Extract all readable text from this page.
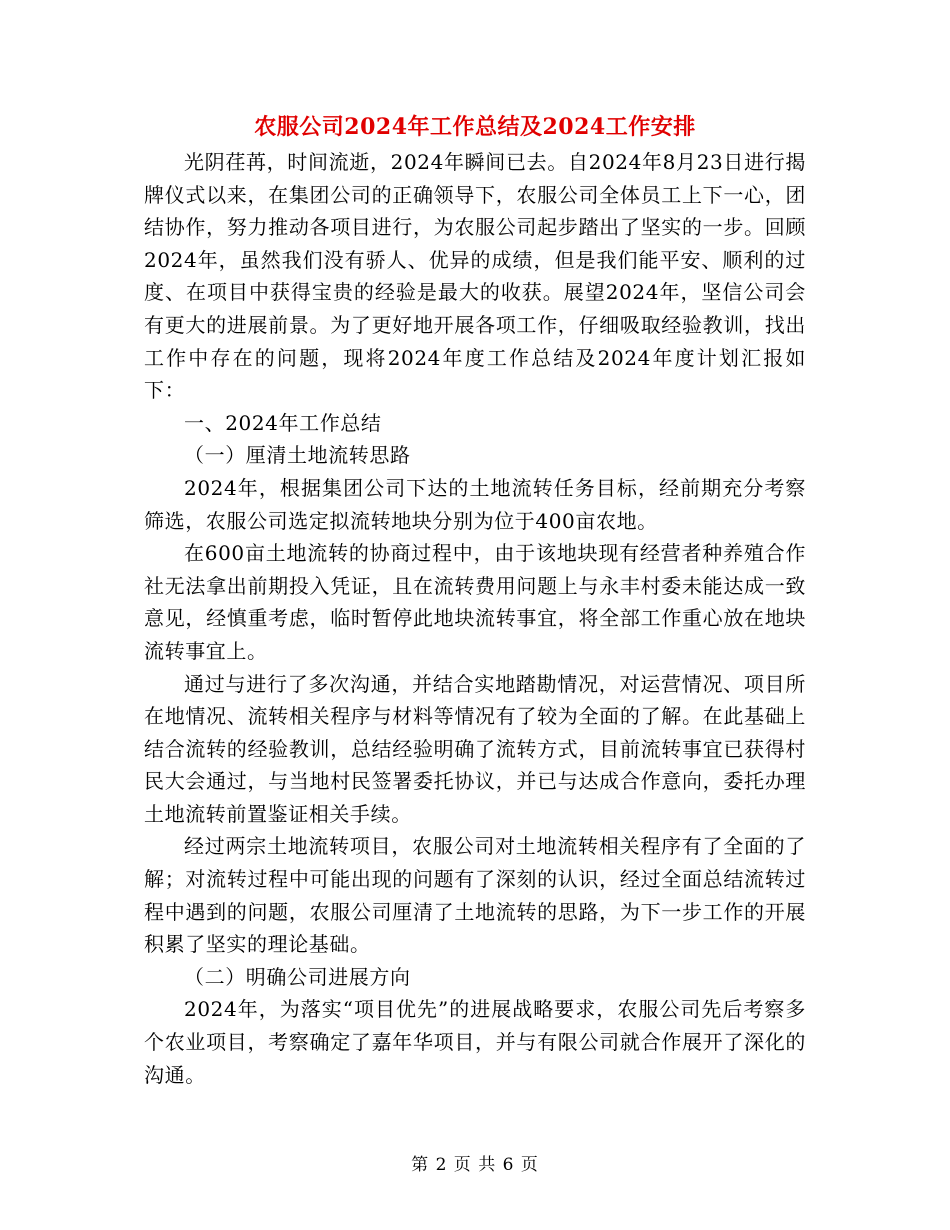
农服公司2024年工作总结及2024工作安排

光阴荏苒，时间流逝，2024年瞬间已去。自2024年8月23日进行揭牌仪式以来，在集团公司的正确领导下，农服公司全体员工上下一心，团结协作，努力推动各项目进行，为农服公司起步踏出了坚实的一步。回顾2024年，虽然我们没有骄人、优异的成绩，但是我们能平安、顺利的过度、在项目中获得宝贵的经验是最大的收获。展望2024年，坚信公司会有更大的进展前景。为了更好地开展各项工作，仔细吸取经验教训，找出工作中存在的问题，现将2024年度工作总结及2024年度计划汇报如下：

一、2024年工作总结

（一）厘清土地流转思路

2024年，根据集团公司下达的土地流转任务目标，经前期充分考察筛选，农服公司选定拟流转地块分别为位于400亩农地。

在600亩土地流转的协商过程中，由于该地块现有经营者种养殖合作社无法拿出前期投入凭证，且在流转费用问题上与永丰村委未能达成一致意见，经慎重考虑，临时暂停此地块流转事宜，将全部工作重心放在地块流转事宜上。

通过与进行了多次沟通，并结合实地踏勘情况，对运营情况、项目所在地情况、流转相关程序与材料等情况有了较为全面的了解。在此基础上结合流转的经验教训，总结经验明确了流转方式，目前流转事宜已获得村民大会通过，与当地村民签署委托协议，并已与达成合作意向，委托办理土地流转前置鉴证相关手续。

经过两宗土地流转项目，农服公司对土地流转相关程序有了全面的了解；对流转过程中可能出现的问题有了深刻的认识，经过全面总结流转过程中遇到的问题，农服公司厘清了土地流转的思路，为下一步工作的开展积累了坚实的理论基础。

（二）明确公司进展方向

2024年，为落实“项目优先”的进展战略要求，农服公司先后考察多个农业项目，考察确定了嘉年华项目，并与有限公司就合作展开了深化的沟通。

第 2 页 共 6 页
